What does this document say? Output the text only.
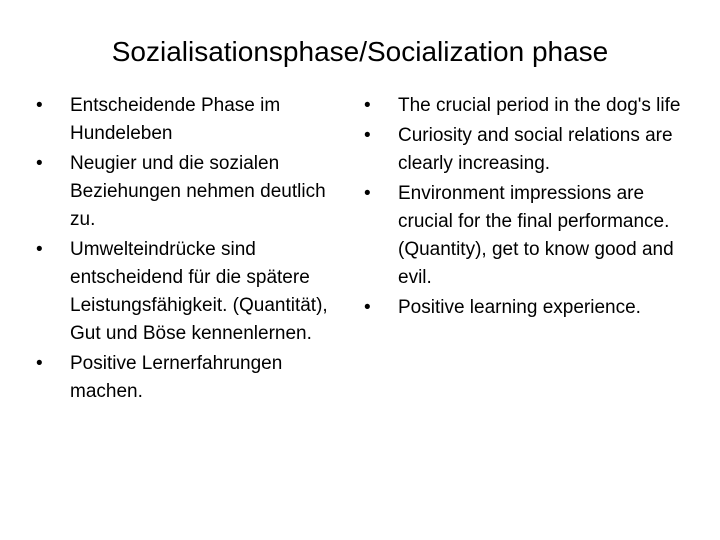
Sozialisationsphase/Socialization phase
•	Entscheidende Phase im Hundeleben
•	Neugier und die sozialen Beziehungen nehmen deutlich zu.
•	Umwelteindrücke sind entscheidend für die spätere Leistungsfähigkeit. (Quantität), Gut und Böse kennenlernen.
•	Positive Lernerfahrungen machen.
•	The crucial period in the dog's life
•	Curiosity and social relations are clearly increasing.
•	Environment impressions are crucial for the final performance. (Quantity), get to know good and evil.
•	Positive learning experience.
